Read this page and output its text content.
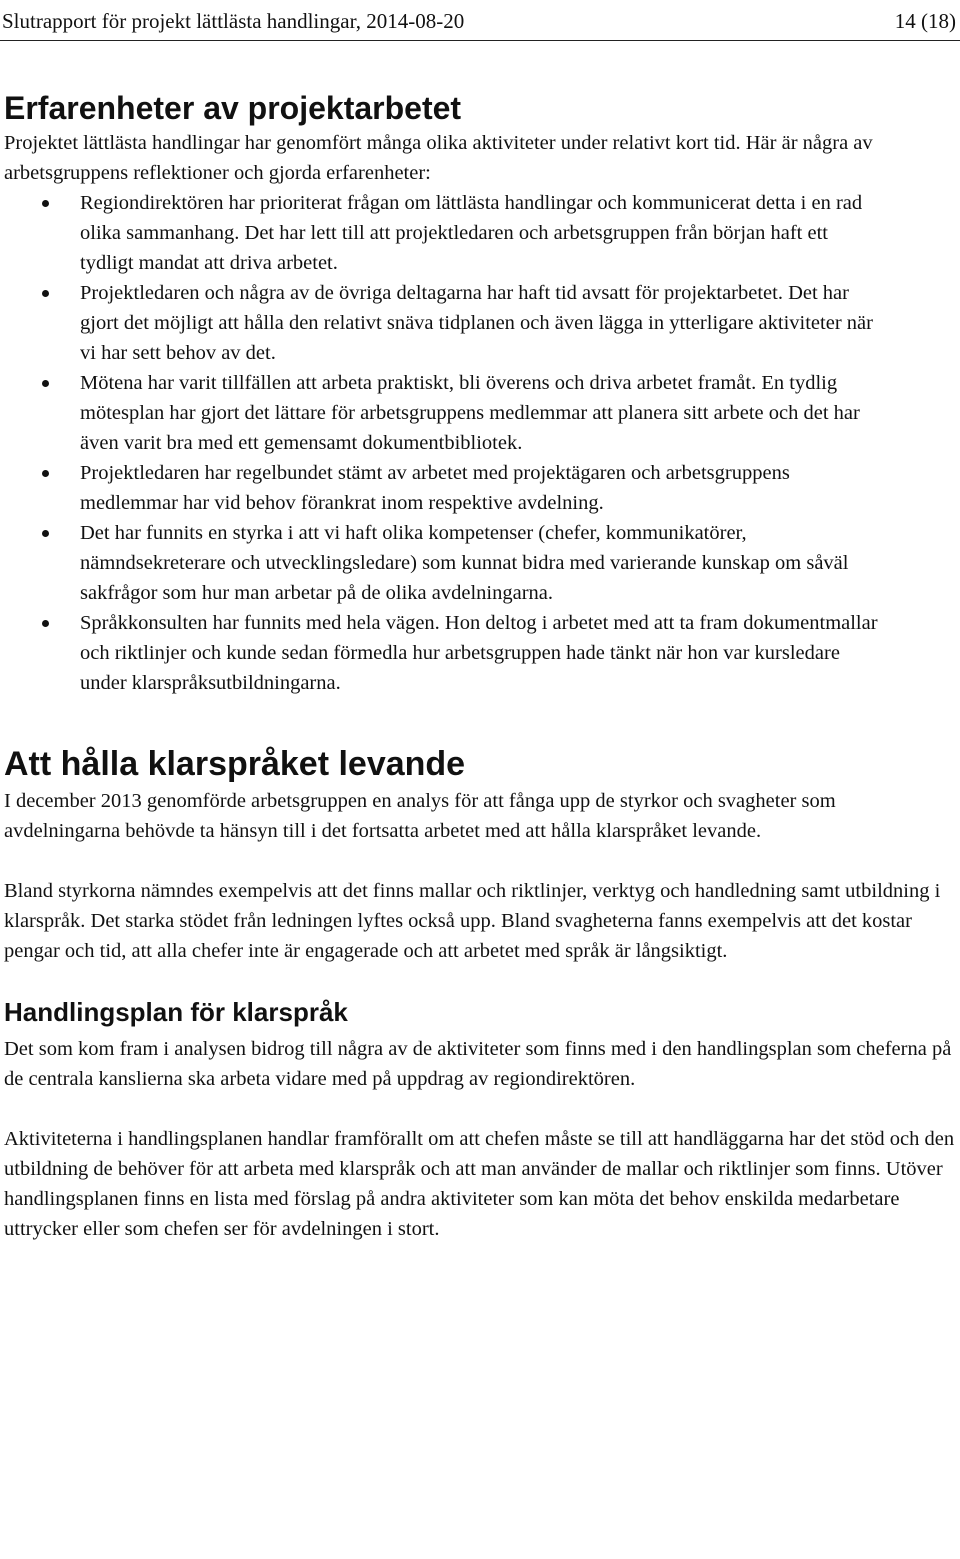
Slutrapport för projekt lättlästa handlingar, 2014-08-20	14 (18)
Erfarenheter av projektarbetet

Projektet lättlästa handlingar har genomfört många olika aktiviteter under relativt kort tid. Här är några av arbetsgruppens reflektioner och gjorda erfarenheter:

Regiondirektören har prioriterat frågan om lättlästa handlingar och kommunicerat detta i en rad olika sammanhang. Det har lett till att projektledaren och arbetsgruppen från början haft ett tydligt mandat att driva arbetet.
Projektledaren och några av de övriga deltagarna har haft tid avsatt för projektarbetet. Det har gjort det möjligt att hålla den relativt snäva tidplanen och även lägga in ytterligare aktiviteter när vi har sett behov av det.
Mötena har varit tillfällen att arbeta praktiskt, bli överens och driva arbetet framåt. En tydlig mötesplan har gjort det lättare för arbetsgruppens medlemmar att planera sitt arbete och det har även varit bra med ett gemensamt dokumentbibliotek.
Projektledaren har regelbundet stämt av arbetet med projektägaren och arbetsgruppens medlemmar har vid behov förankrat inom respektive avdelning.
Det har funnits en styrka i att vi haft olika kompetenser (chefer, kommunikatörer, nämndsekreterare och utvecklingsledare) som kunnat bidra med varierande kunskap om såväl sakfrågor som hur man arbetar på de olika avdelningarna.
Språkkonsulten har funnits med hela vägen. Hon deltog i arbetet med att ta fram dokumentmallar och riktlinjer och kunde sedan förmedla hur arbetsgruppen hade tänkt när hon var kursledare under klarspråksutbildningarna.
Att hålla klarspråket levande

I december 2013 genomförde arbetsgruppen en analys för att fånga upp de styrkor och svagheter som avdelningarna behövde ta hänsyn till i det fortsatta arbetet med att hålla klarspråket levande.

Bland styrkorna nämndes exempelvis att det finns mallar och riktlinjer, verktyg och handledning samt utbildning i klarspråk. Det starka stödet från ledningen lyftes också upp. Bland svagheterna fanns exempelvis att det kostar pengar och tid, att alla chefer inte är engagerade och att arbetet med språk är långsiktigt.

Handlingsplan för klarspråk

Det som kom fram i analysen bidrog till några av de aktiviteter som finns med i den handlingsplan som cheferna på de centrala kanslierna ska arbeta vidare med på uppdrag av regiondirektören.

Aktiviteterna i handlingsplanen handlar framförallt om att chefen måste se till att handläggarna har det stöd och den utbildning de behöver för att arbeta med klarspråk och att man använder de mallar och riktlinjer som finns. Utöver handlingsplanen finns en lista med förslag på andra aktiviteter som kan möta det behov enskilda medarbetare uttrycker eller som chefen ser för avdelningen i stort.
